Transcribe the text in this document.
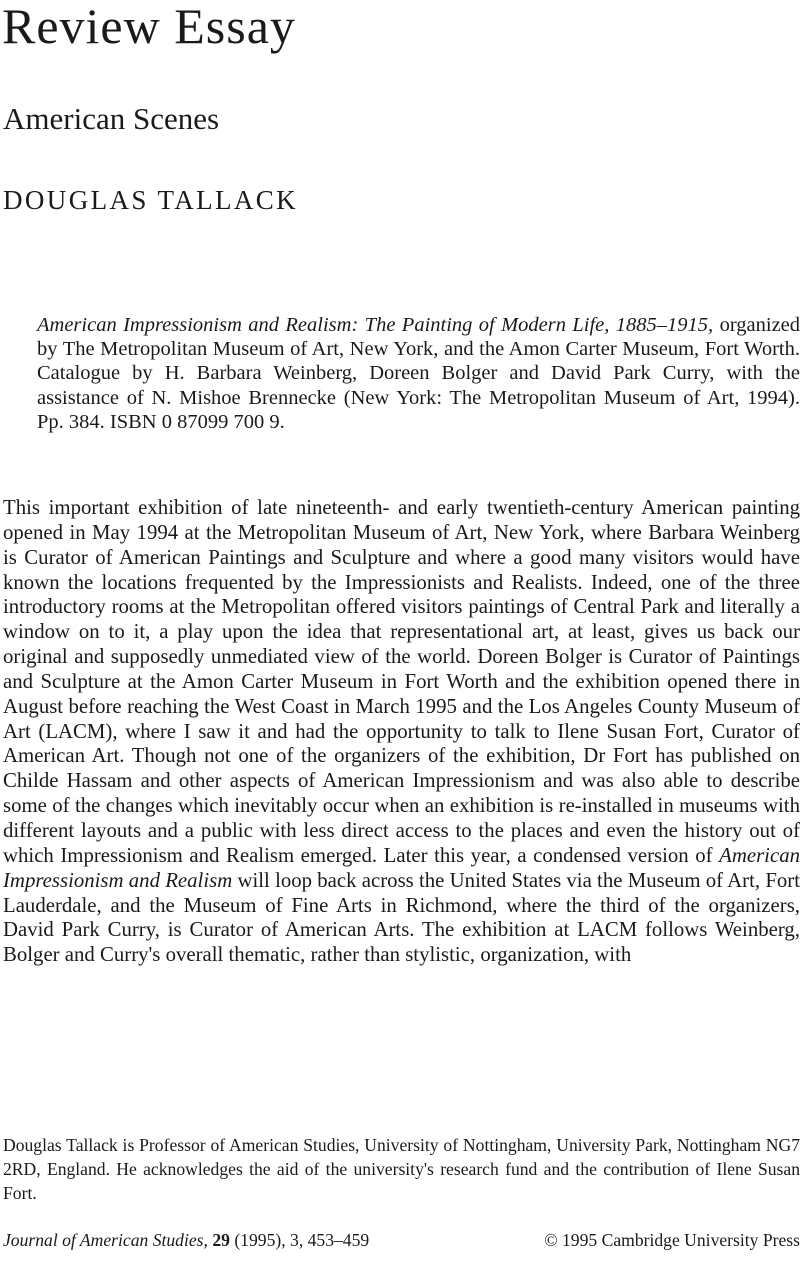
Review Essay
American Scenes
DOUGLAS TALLACK

American Impressionism and Realism: The Painting of Modern Life, 1885–1915, organized by The Metropolitan Museum of Art, New York, and the Amon Carter Museum, Fort Worth. Catalogue by H. Barbara Weinberg, Doreen Bolger and David Park Curry, with the assistance of N. Mishoe Brennecke (New York: The Metropolitan Museum of Art, 1994). Pp. 384. ISBN 0 87099 700 9.

This important exhibition of late nineteenth- and early twentieth-century American painting opened in May 1994 at the Metropolitan Museum of Art, New York, where Barbara Weinberg is Curator of American Paintings and Sculpture and where a good many visitors would have known the locations frequented by the Impressionists and Realists. Indeed, one of the three introductory rooms at the Metropolitan offered visitors paintings of Central Park and literally a window on to it, a play upon the idea that representational art, at least, gives us back our original and supposedly unmediated view of the world. Doreen Bolger is Curator of Paintings and Sculpture at the Amon Carter Museum in Fort Worth and the exhibition opened there in August before reaching the West Coast in March 1995 and the Los Angeles County Museum of Art (LACM), where I saw it and had the opportunity to talk to Ilene Susan Fort, Curator of American Art. Though not one of the organizers of the exhibition, Dr Fort has published on Childe Hassam and other aspects of American Impressionism and was also able to describe some of the changes which inevitably occur when an exhibition is re-installed in museums with different layouts and a public with less direct access to the places and even the history out of which Impressionism and Realism emerged. Later this year, a condensed version of American Impressionism and Realism will loop back across the United States via the Museum of Art, Fort Lauderdale, and the Museum of Fine Arts in Richmond, where the third of the organizers, David Park Curry, is Curator of American Arts. The exhibition at LACM follows Weinberg, Bolger and Curry's overall thematic, rather than stylistic, organization, with

Douglas Tallack is Professor of American Studies, University of Nottingham, University Park, Nottingham NG7 2RD, England. He acknowledges the aid of the university's research fund and the contribution of Ilene Susan Fort.

Journal of American Studies, 29 (1995), 3, 453–459	© 1995 Cambridge University Press
